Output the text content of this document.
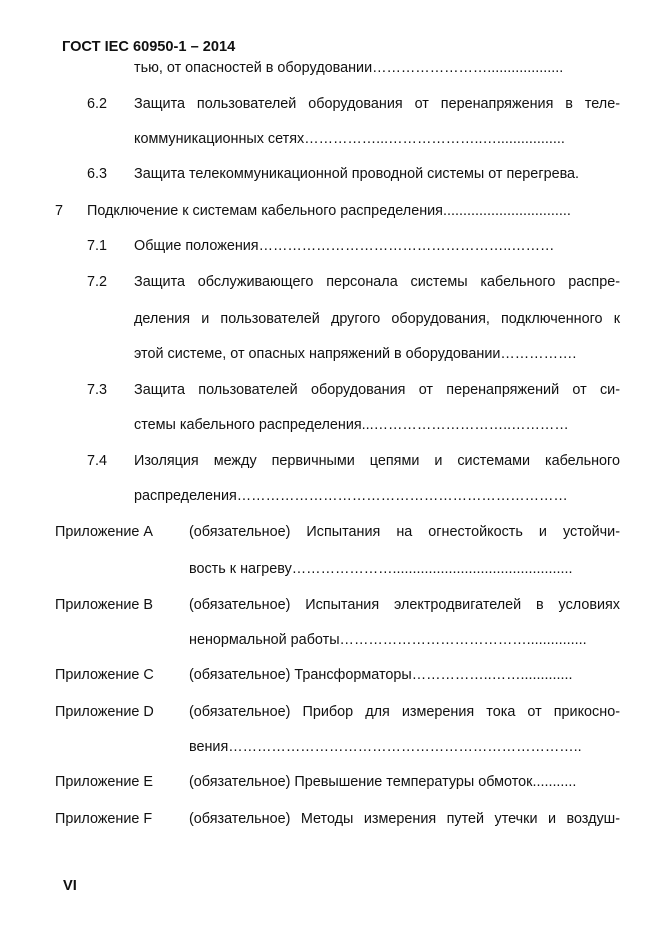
ГОСТ IEC 60950-1 – 2014
тью, от опасностей в оборудовании……………………...................
6.2 Защита пользователей оборудования от перенапряжения в теле-
коммуникационных сетях……………...………………..….................
6.3 Защита телекоммуникационной проводной системы от перегрева.
7 Подключение к системам кабельного распределения................................
7.1 Общие положения……………………………………………..………
7.2 Защита обслуживающего персонала системы кабельного распре-
деления и пользователей другого оборудования, подключенного к
этой системе, от опасных напряжений в оборудовании…………….
7.3 Защита пользователей оборудования от перенапряжений от си-
стемы кабельного распределения...………………………..…………
7.4 Изоляция между первичными цепями и системами кабельного
распределения……………………………………………………………
Приложение A (обязательное) Испытания на огнестойкость и устойчи-
вость к нагреву………………….............................................
Приложение B (обязательное) Испытания электродвигателей в условиях
ненормальной работы…………………………………...............
Приложение C (обязательное) Трансформаторы……………..…….............
Приложение D (обязательное) Прибор для измерения тока от прикосно-
вения………………………………………………………………..
Приложение E (обязательное) Превышение температуры обмоток...........
Приложение F	(обязательное) Методы измерения путей утечки и воздуш-
VI
